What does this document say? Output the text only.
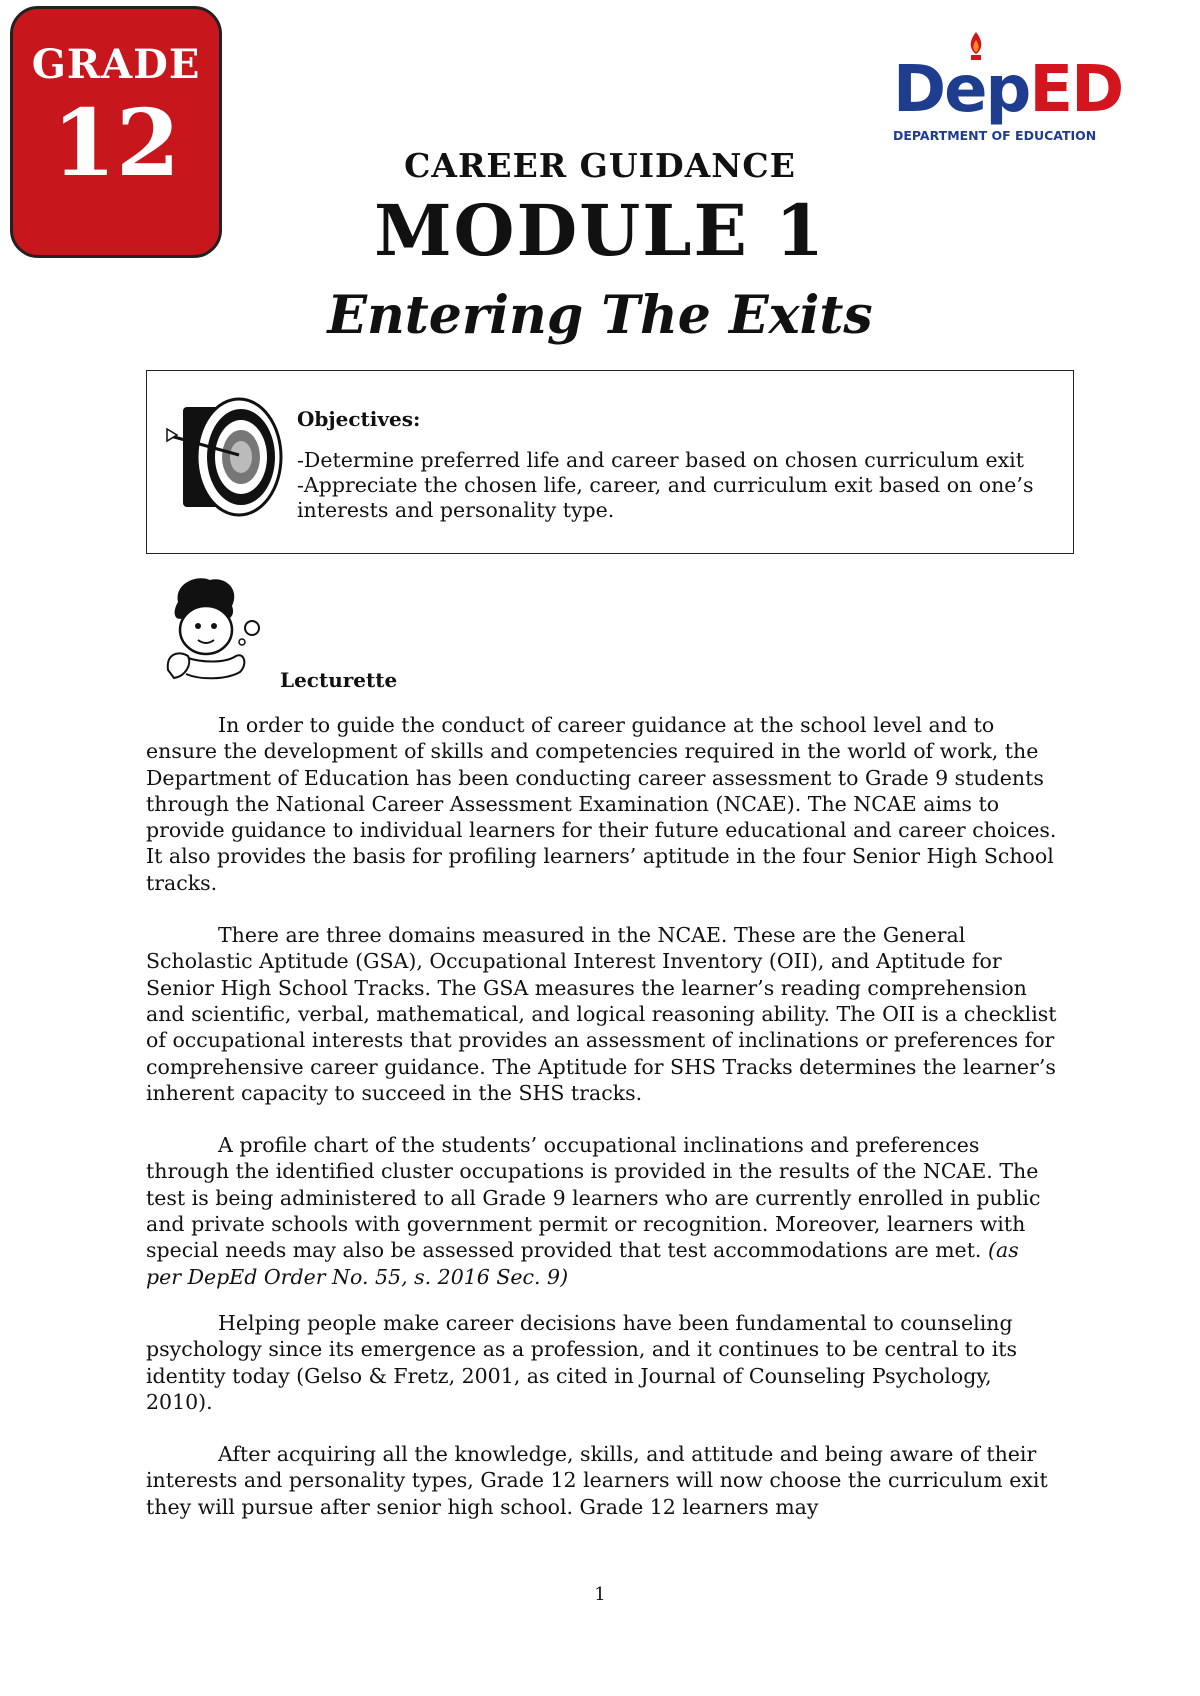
GRADE
12	DepED
DEPARTMENT OF EDUCATION
CAREER GUIDANCE
MODULE 1
Entering The Exits
Objectives:

-Determine preferred life and career based on chosen curriculum exit

-Appreciate the chosen life, career, and curriculum exit based on one’s interests and personality type.

Lecturette

In order to guide the conduct of career guidance at the school level and to ensure the development of skills and competencies required in the world of work, the Department of Education has been conducting career assessment to Grade 9 students through the National Career Assessment Examination (NCAE). The NCAE aims to provide guidance to individual learners for their future educational and career choices. It also provides the basis for profiling learners’ aptitude in the four Senior High School tracks.

There are three domains measured in the NCAE. These are the General Scholastic Aptitude (GSA), Occupational Interest Inventory (OII), and Aptitude for Senior High School Tracks. The GSA measures the learner’s reading comprehension and scientific, verbal, mathematical, and logical reasoning ability. The OII is a checklist of occupational interests that provides an assessment of inclinations or preferences for comprehensive career guidance. The Aptitude for SHS Tracks determines the learner’s inherent capacity to succeed in the SHS tracks.

A profile chart of the students’ occupational inclinations and preferences through the identified cluster occupations is provided in the results of the NCAE. The test is being administered to all Grade 9 learners who are currently enrolled in public and private schools with government permit or recognition. Moreover, learners with special needs may also be assessed provided that test accommodations are met. (as per DepEd Order No. 55, s. 2016 Sec. 9)

Helping people make career decisions have been fundamental to counseling psychology since its emergence as a profession, and it continues to be central to its identity today (Gelso & Fretz, 2001, as cited in Journal of Counseling Psychology, 2010).

After acquiring all the knowledge, skills, and attitude and being aware of their interests and personality types, Grade 12 learners will now choose the curriculum exit they will pursue after senior high school. Grade 12 learners may

1
